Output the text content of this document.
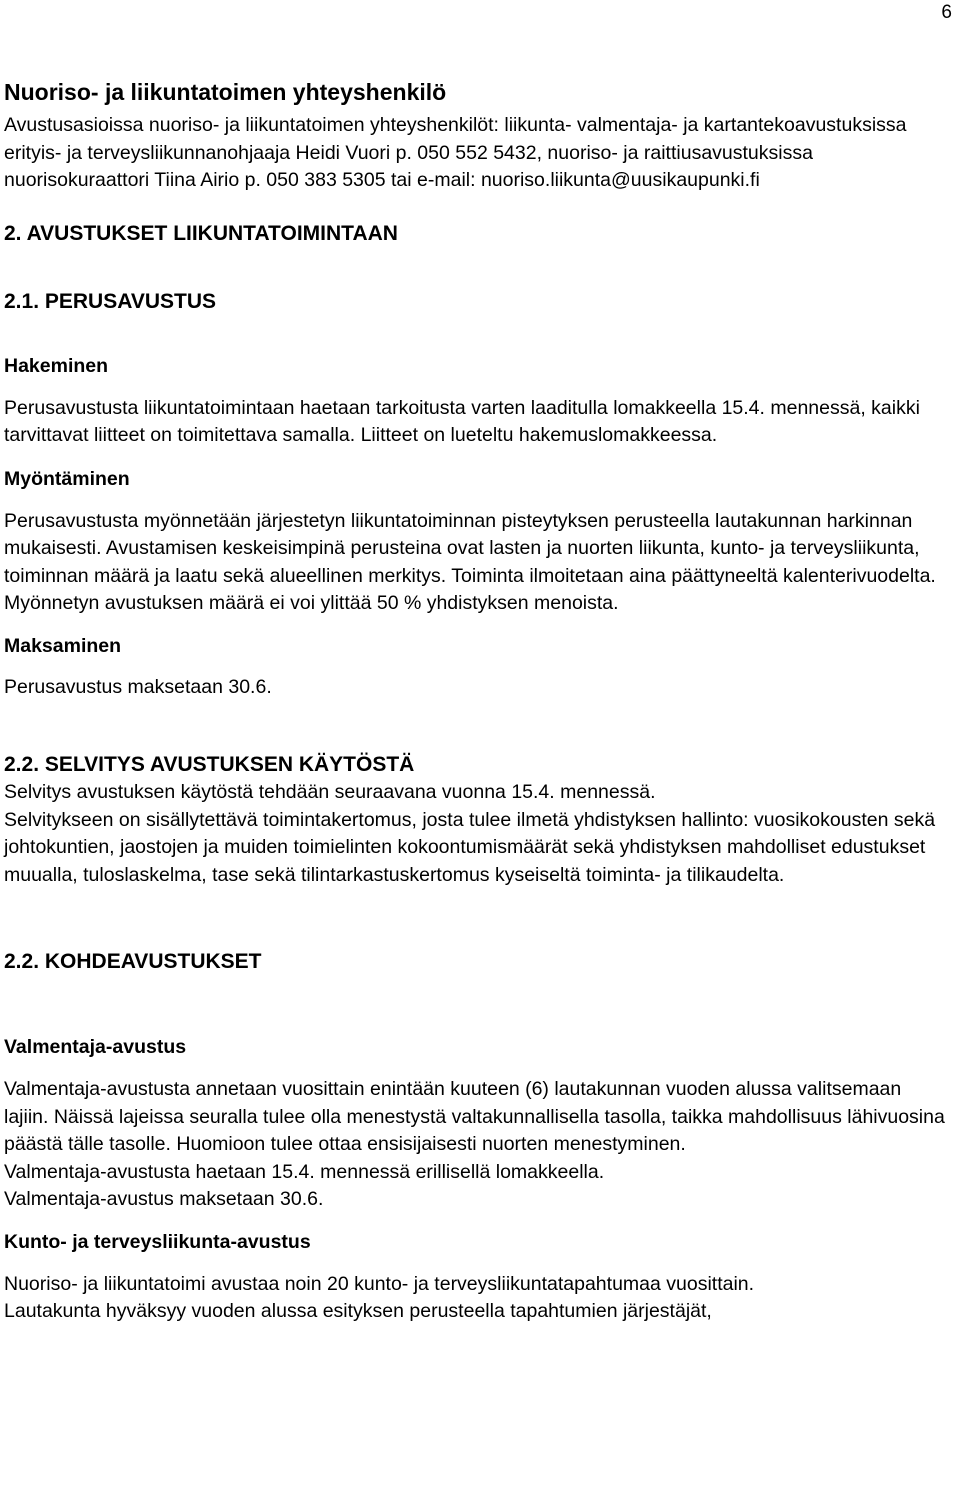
6

Nuoriso- ja liikuntatoimen yhteyshenkilö

Avustusasioissa nuoriso- ja liikuntatoimen yhteyshenkilöt: liikunta- valmentaja- ja kartantekoavustuksissa erityis- ja terveysliikunnanohjaaja Heidi Vuori p. 050 552 5432, nuoriso- ja raittiusavustuksissa nuorisokuraattori Tiina Airio p. 050 383 5305 tai e-mail: nuoriso.liikunta@uusikaupunki.fi

2. AVUSTUKSET LIIKUNTATOIMINTAAN

2.1. PERUSAVUSTUS

Hakeminen

Perusavustusta liikuntatoimintaan haetaan tarkoitusta varten laaditulla lomakkeella 15.4. mennessä, kaikki tarvittavat liitteet on toimitettava samalla. Liitteet on lueteltu hakemuslomakkeessa.

Myöntäminen

Perusavustusta myönnetään järjestetyn liikuntatoiminnan pisteytyksen perusteella lautakunnan harkinnan mukaisesti. Avustamisen keskeisimpinä perusteina ovat lasten ja nuorten liikunta, kunto- ja terveysliikunta, toiminnan määrä ja laatu sekä alueellinen merkitys. Toiminta ilmoitetaan aina päättyneeltä kalenterivuodelta.

Myönnetyn avustuksen määrä ei voi ylittää 50 % yhdistyksen menoista.

Maksaminen

Perusavustus maksetaan 30.6.

2.2. SELVITYS AVUSTUKSEN KÄYTÖSTÄ

Selvitys avustuksen käytöstä tehdään seuraavana vuonna 15.4. mennessä.

Selvitykseen on sisällytettävä toimintakertomus, josta tulee ilmetä yhdistyksen hallinto: vuosikokousten sekä johtokuntien, jaostojen ja muiden toimielinten kokoontumismäärät sekä yhdistyksen mahdolliset edustukset muualla, tuloslaskelma, tase sekä tilintarkastuskertomus kyseiseltä toiminta- ja tilikaudelta.

2.2. KOHDEAVUSTUKSET

Valmentaja-avustus

Valmentaja-avustusta annetaan vuosittain enintään kuuteen (6) lautakunnan vuoden alussa valitsemaan lajiin. Näissä lajeissa seuralla tulee olla menestystä valtakunnallisella tasolla, taikka mahdollisuus lähivuosina päästä tälle tasolle. Huomioon tulee ottaa ensisijaisesti nuorten menestyminen.

Valmentaja-avustusta haetaan 15.4. mennessä erillisellä lomakkeella.

Valmentaja-avustus maksetaan 30.6.

Kunto- ja terveysliikunta-avustus

Nuoriso- ja liikuntatoimi avustaa noin 20 kunto- ja terveysliikuntatapahtumaa vuosittain.

Lautakunta hyväksyy vuoden alussa esityksen perusteella tapahtumien järjestäjät,
